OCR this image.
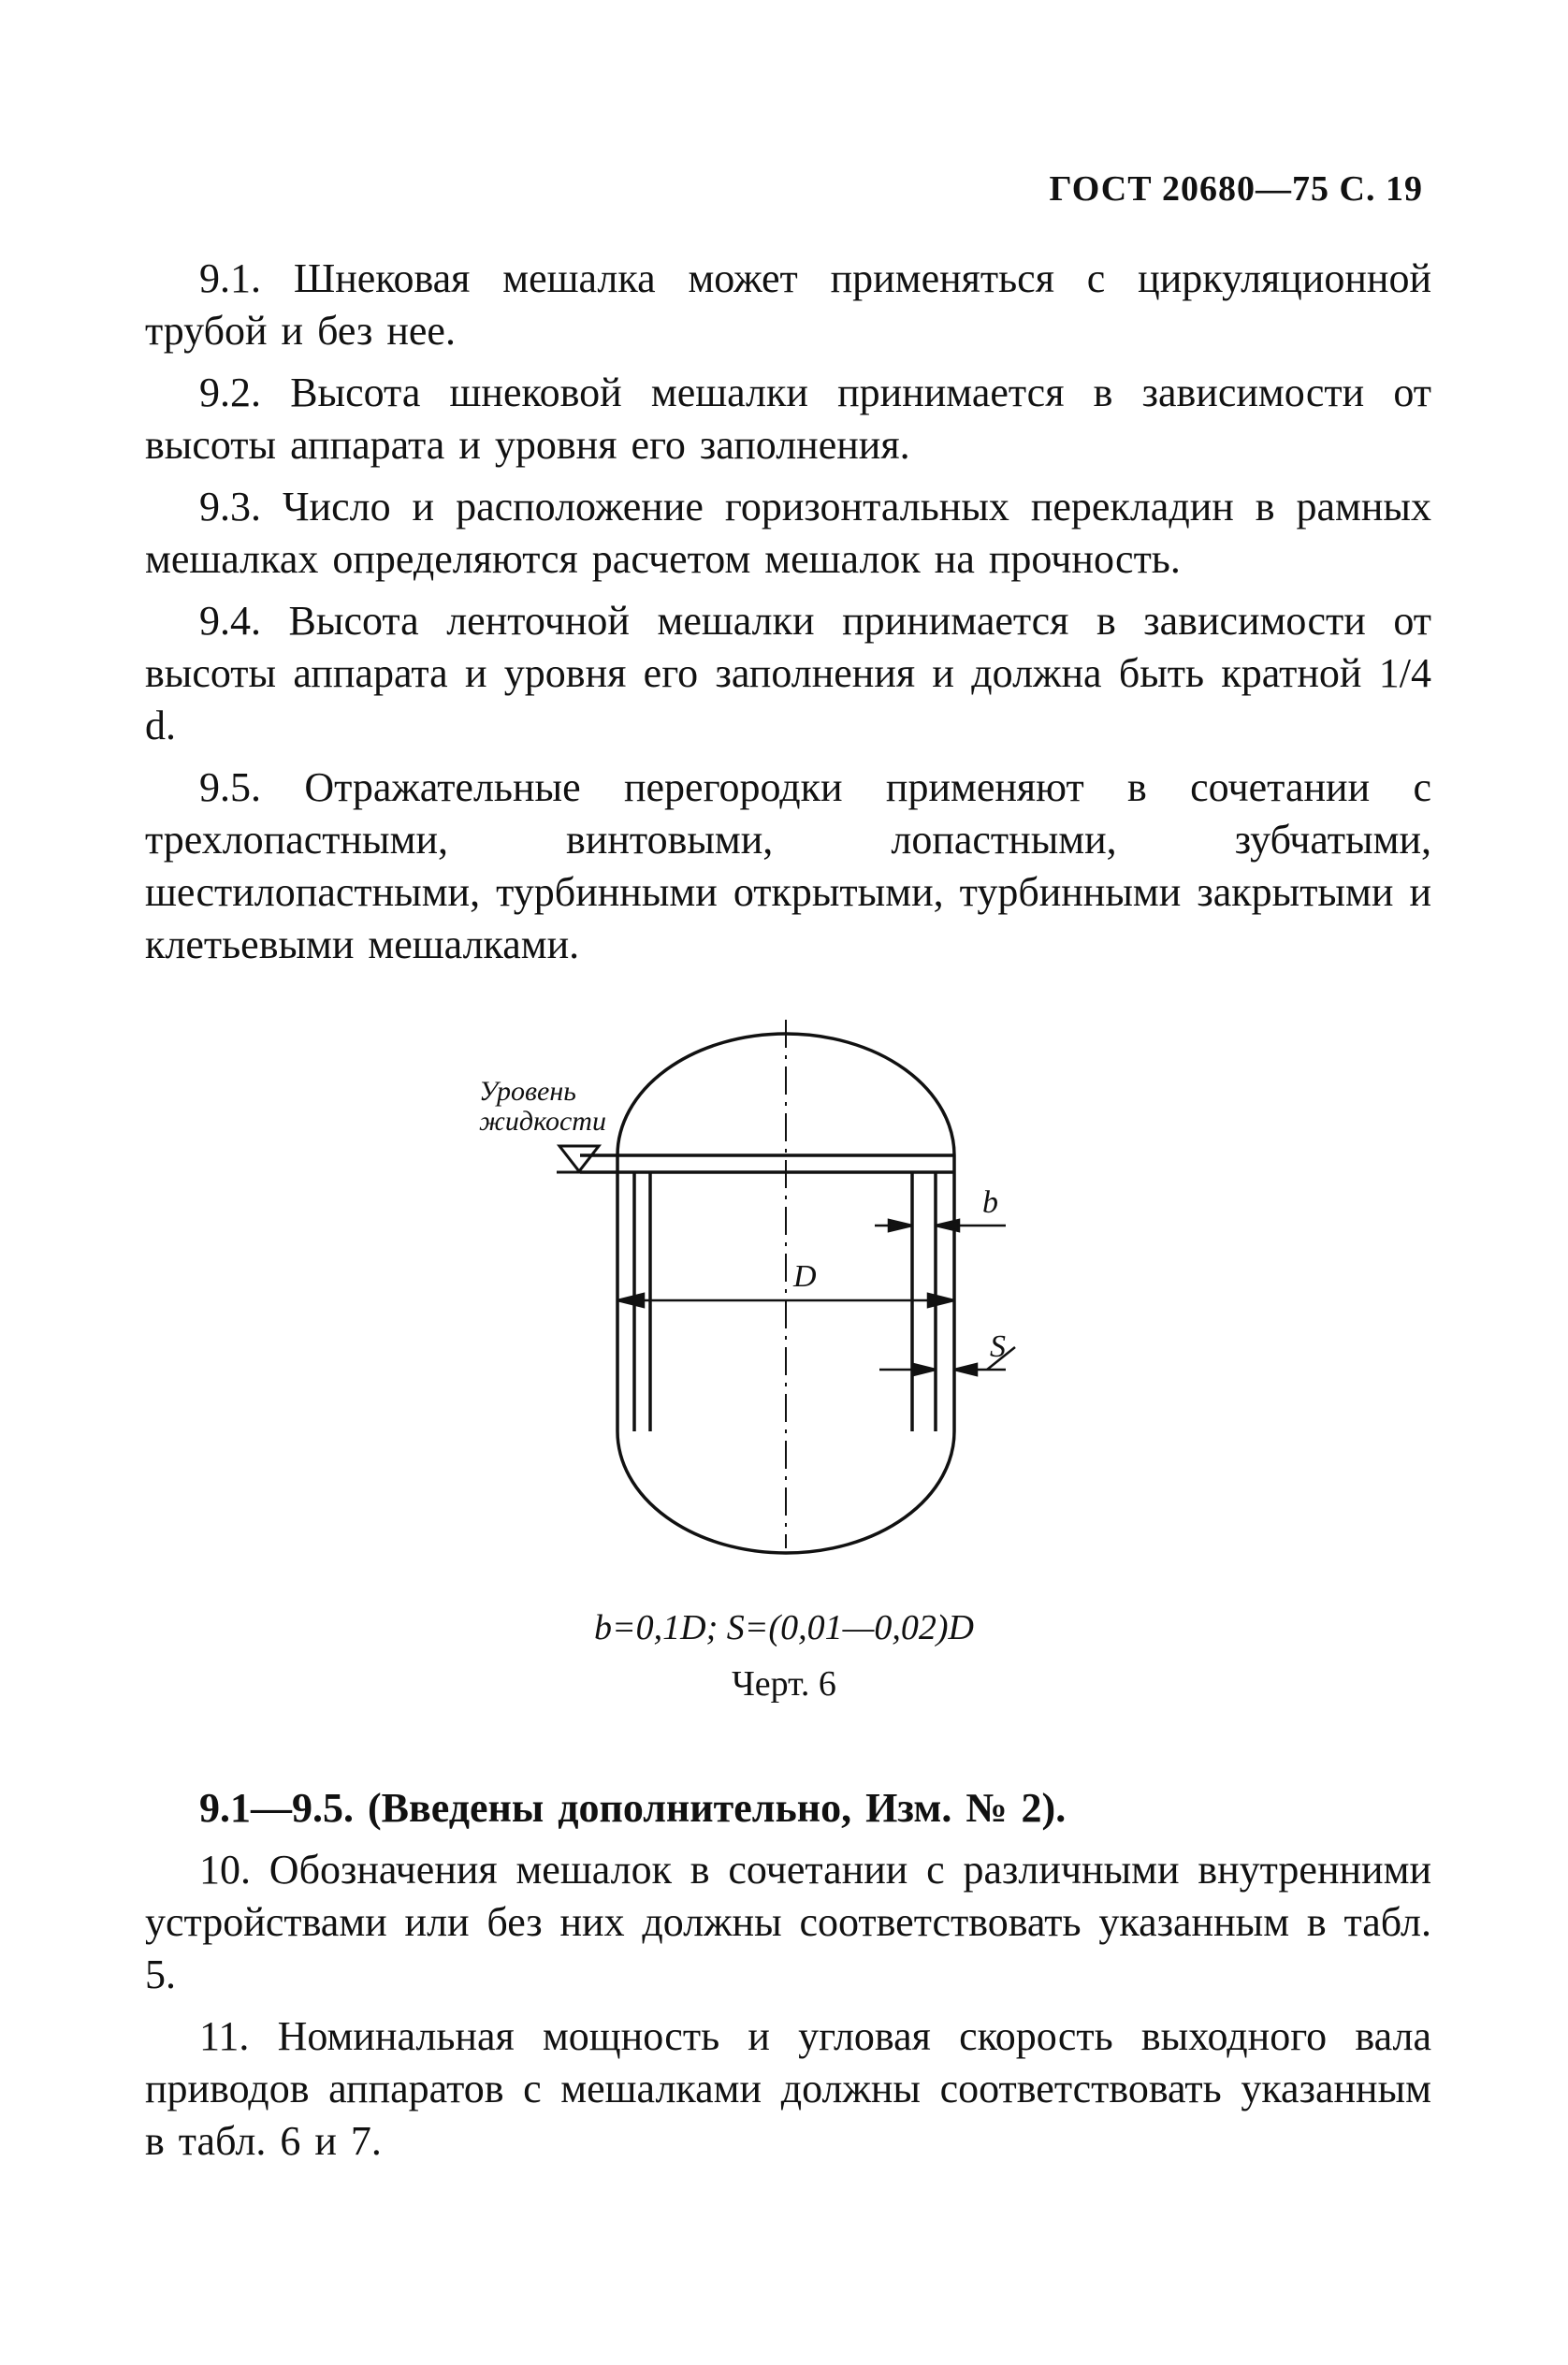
ГОСТ 20680—75 С. 19

9.1. Шнековая мешалка может применяться с циркуляционной трубой и без нее.

9.2. Высота шнековой мешалки принимается в зависимости от высоты аппарата и уровня его заполнения.

9.3. Число и расположение горизонтальных перекладин в рамных мешалках определяются расчетом мешалок на прочность.

9.4. Высота ленточной мешалки принимается в зависимости от высоты аппарата и уровня его заполнения и должна быть кратной 1/4 d.

9.5. Отражательные перегородки применяют в сочетании с трехлопастными, винтовыми, лопастными, зубчатыми, шестилопастными, турбинными открытыми, турбинными закрытыми и клетьевыми мешалками.

Уровень
жидкости
b
D
S
b=0,1D; S=(0,01—0,02)D
Черт. 6

9.1—9.5. (Введены дополнительно, Изм. № 2).

10. Обозначения мешалок в сочетании с различными внутренними устройствами или без них должны соответствовать указанным в табл. 5.

11. Номинальная мощность и угловая скорость выходного вала приводов аппаратов с мешалками должны соответствовать указанным в табл. 6 и 7.
